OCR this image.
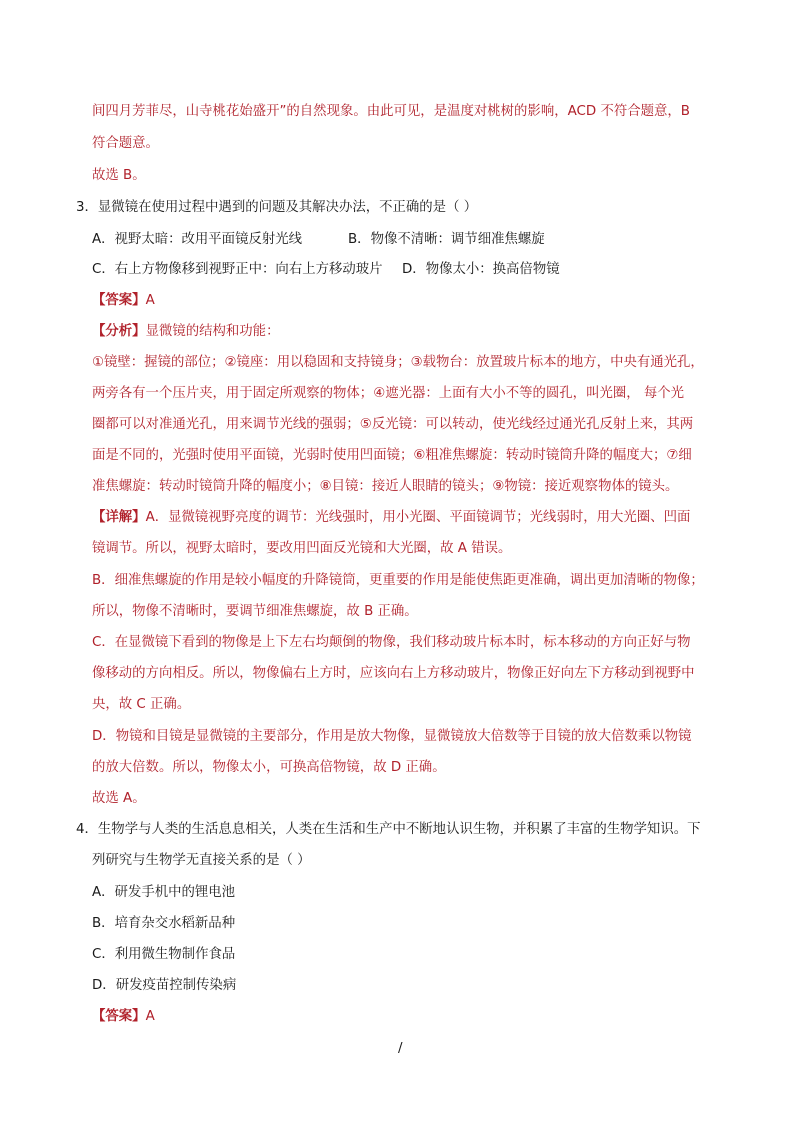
间四月芳菲尽，山寺桃花始盛开”的自然现象。由此可见，是温度对桃树的影响，ACD 不符合题意，B
符合题意。
故选 B。
3．显微镜在使用过程中遇到的问题及其解决办法，不正确的是（ ）
A．视野太暗：改用平面镜反射光线	B．物像不清晰：调节细准焦螺旋
C．右上方物像移到视野正中：向右上方移动玻片 D．物像太小：换高倍物镜
【答案】A
【分析】显微镜的结构和功能：
①镜壁：握镜的部位；②镜座：用以稳固和支持镜身；③载物台：放置玻片标本的地方，中央有通光孔，
两旁各有一个压片夹，用于固定所观察的物体；④遮光器：上面有大小不等的圆孔，叫光圈， 每个光
圈都可以对准通光孔，用来调节光线的强弱；⑤反光镜：可以转动，使光线经过通光孔反射上来，其两
面是不同的，光强时使用平面镜，光弱时使用凹面镜；⑥粗准焦螺旋：转动时镜筒升降的幅度大；⑦细
准焦螺旋：转动时镜筒升降的幅度小；⑧目镜：接近人眼睛的镜头；⑨物镜：接近观察物体的镜头。
【详解】A．显微镜视野亮度的调节：光线强时，用小光圈、平面镜调节；光线弱时，用大光圈、凹面
镜调节。所以，视野太暗时，要改用凹面反光镜和大光圈，故 A 错误。
B．细准焦螺旋的作用是较小幅度的升降镜筒，更重要的作用是能使焦距更准确，调出更加清晰的物像；
所以，物像不清晰时，要调节细准焦螺旋，故 B 正确。
C．在显微镜下看到的物像是上下左右均颠倒的物像，我们移动玻片标本时，标本移动的方向正好与物
像移动的方向相反。所以，物像偏右上方时，应该向右上方移动玻片，物像正好向左下方移动到视野中
央，故 C 正确。
D．物镜和目镜是显微镜的主要部分，作用是放大物像，显微镜放大倍数等于目镜的放大倍数乘以物镜
的放大倍数。所以，物像太小，可换高倍物镜，故 D 正确。
故选 A。
4．生物学与人类的生活息息相关，人类在生活和生产中不断地认识生物，并积累了丰富的生物学知识。下
列研究与生物学无直接关系的是（ ）
A．研发手机中的锂电池
B．培育杂交水稻新品种
C．利用微生物制作食品
D．研发疫苗控制传染病
【答案】A
/
